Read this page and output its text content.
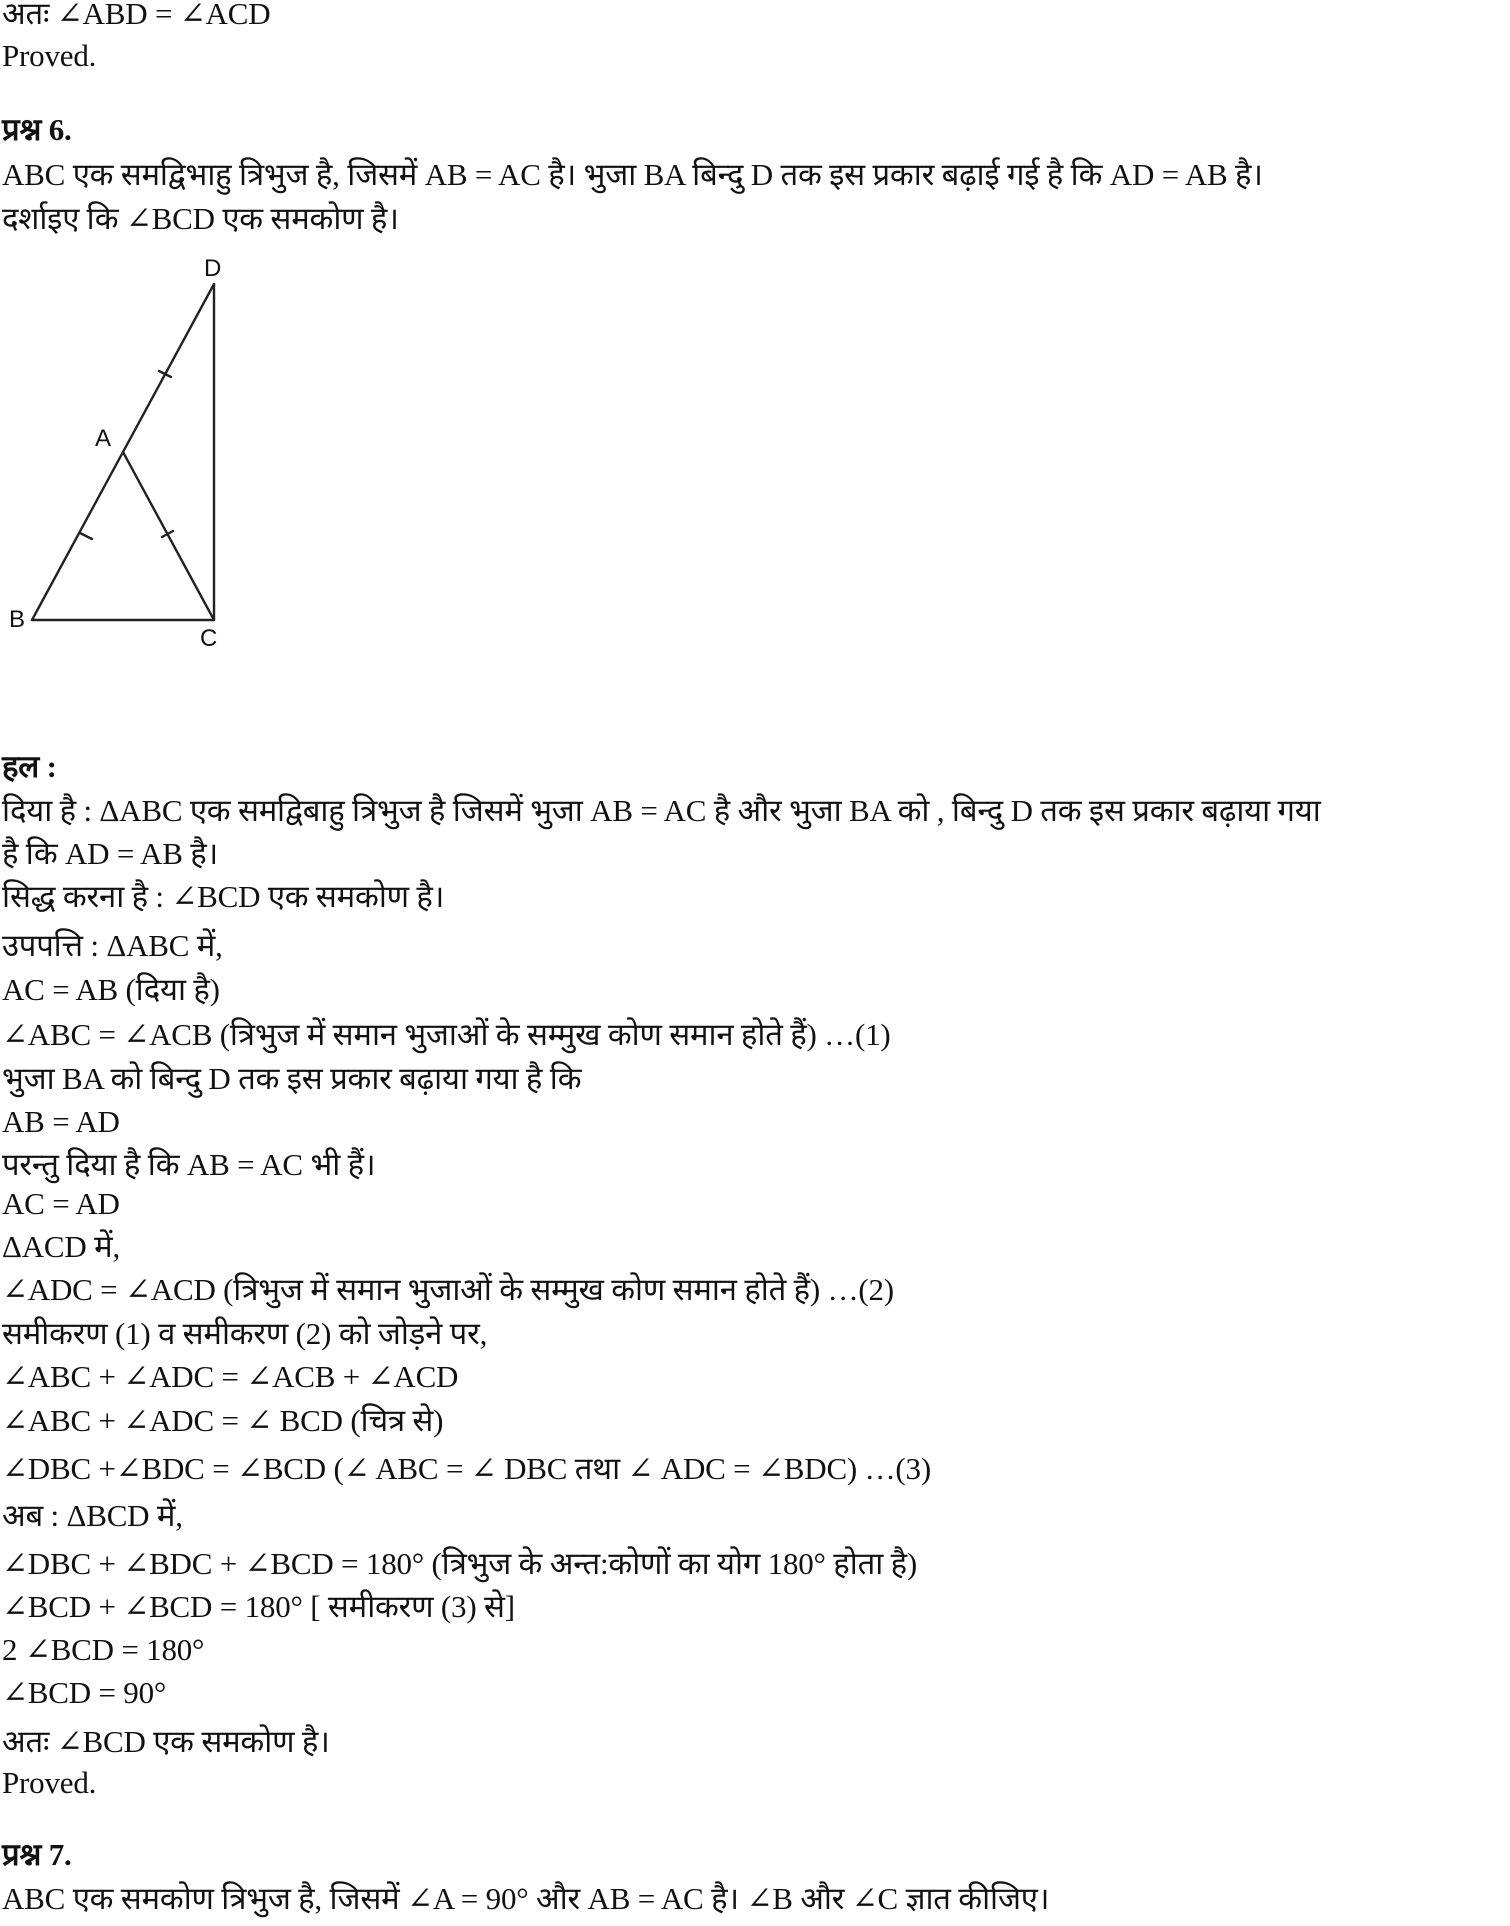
अतः ∠ABD = ∠ACD
Proved.
प्रश्न 6.
ABC एक समद्विभाहु त्रिभुज है, जिसमें AB = AC है। भुजा BA बिन्दु D तक इस प्रकार बढ़ाई गई है कि AD = AB है।
दर्शाइए कि ∠BCD एक समकोण है।
D
A
B
C
हल :
दिया है : ΔABC एक समद्विबाहु त्रिभुज है जिसमें भुजा AB = AC है और भुजा BA को , बिन्दु D तक इस प्रकार बढ़ाया गया
है कि AD = AB है।
सिद्ध करना है : ∠BCD एक समकोण है।
उपपत्ति : ΔABC में,
AC = AB (दिया है)
∠ABC = ∠ACB (त्रिभुज में समान भुजाओं के सम्मुख कोण समान होते हैं) …(1)
भुजा BA को बिन्दु D तक इस प्रकार बढ़ाया गया है कि
AB = AD
परन्तु दिया है कि AB = AC भी हैं।
AC = AD
ΔACD में,
∠ADC = ∠ACD (त्रिभुज में समान भुजाओं के सम्मुख कोण समान होते हैं) …(2)
समीकरण (1) व समीकरण (2) को जोड़ने पर,
∠ABC + ∠ADC = ∠ACB + ∠ACD
∠ABC + ∠ADC = ∠ BCD (चित्र से)
∠DBC +∠BDC = ∠BCD (∠ ABC = ∠ DBC तथा ∠ ADC = ∠BDC) …(3)
अब : ΔBCD में,
∠DBC + ∠BDC + ∠BCD = 180° (त्रिभुज के अन्त:कोणों का योग 180° होता है)
∠BCD + ∠BCD = 180° [ समीकरण (3) से]
2 ∠BCD = 180°
∠BCD = 90°
अतः ∠BCD एक समकोण है।
Proved.
प्रश्न 7.
ABC एक समकोण त्रिभुज है, जिसमें ∠A = 90° और AB = AC है। ∠B और ∠C ज्ञात कीजिए।
